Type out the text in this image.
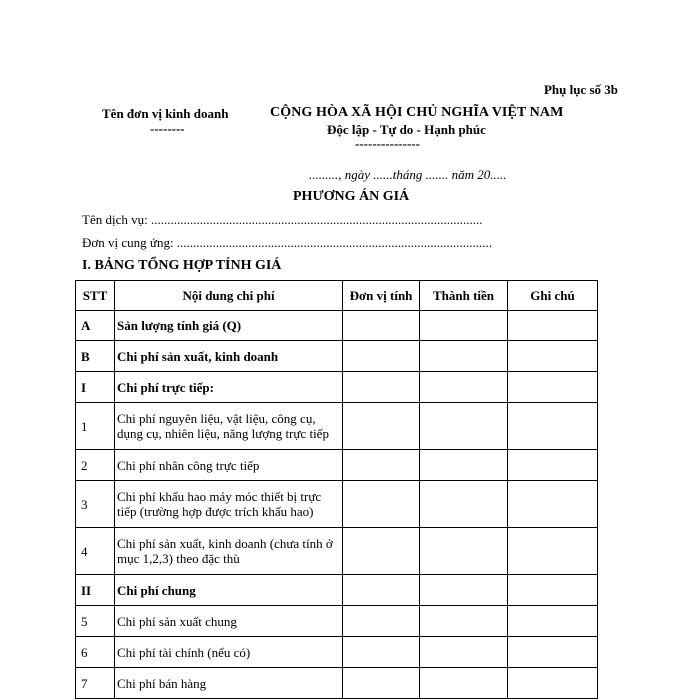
Phụ lục số 3b
Tên đơn vị kinh doanh
--------
CỘNG HÒA XÃ HỘI CHỦ NGHĨA VIỆT NAM
Độc lập - Tự do - Hạnh phúc
---------------
........., ngày ......tháng ....... năm 20.....
PHƯƠNG ÁN GIÁ
Tên dịch vụ: ......................................................................................................
Đơn vị cung ứng: .................................................................................................
I. BẢNG TỔNG HỢP TÍNH GIÁ
STT	Nội dung chi phí	Đơn vị tính	Thành tiền	Ghi chú
A	Sản lượng tính giá (Q)			
B	Chi phí sản xuất, kinh doanh			
I	Chi phí trực tiếp:			
1	Chi phí nguyên liệu, vật liệu, công cụ, dụng cụ, nhiên liệu, năng lượng trực tiếp			
2	Chi phí nhân công trực tiếp			
3	Chi phí khấu hao máy móc thiết bị trực tiếp (trường hợp được trích khấu hao)			
4	Chi phí sản xuất, kinh doanh (chưa tính ở mục 1,2,3) theo đặc thù			
II	Chi phí chung			
5	Chi phí sản xuất chung			
6	Chi phí tài chính (nếu có)			
7	Chi phí bán hàng			
